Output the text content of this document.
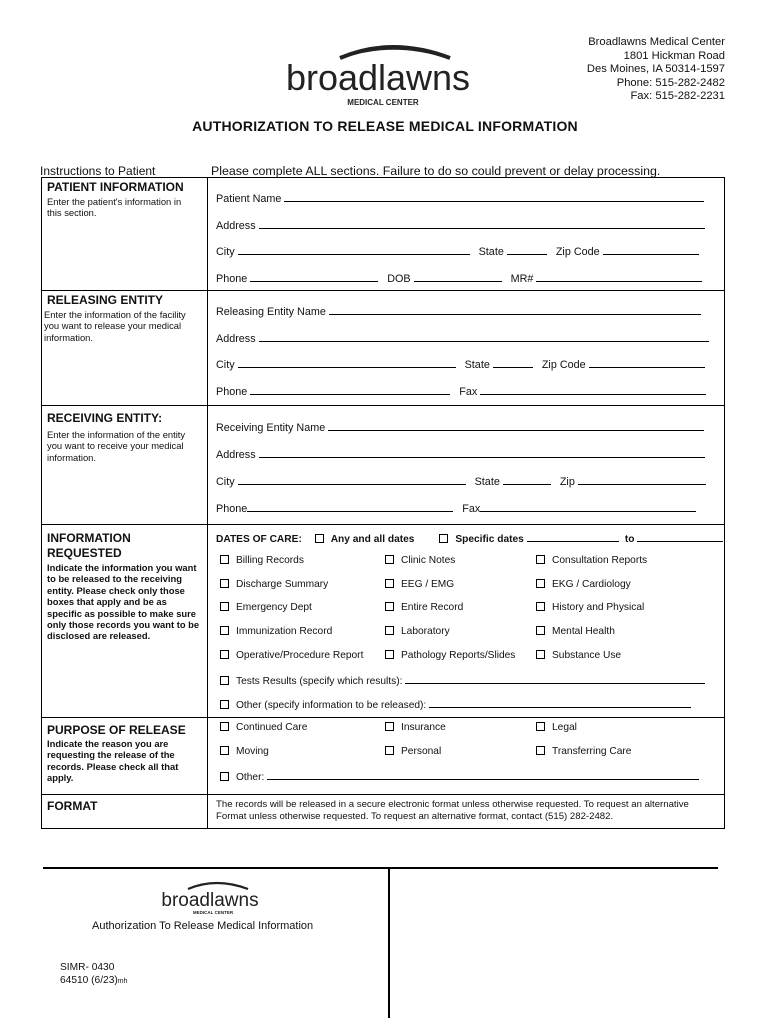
Broadlawns Medical Center
1801 Hickman Road
Des Moines, IA 50314-1597
Phone: 515-282-2482
Fax: 515-282-2231
broadlawns
MEDICAL CENTER
AUTHORIZATION TO RELEASE MEDICAL INFORMATION
Instructions to Patient	Please complete ALL sections. Failure to do so could prevent or delay processing.
PATIENT INFORMATION
Enter the patient's information in this section.
Patient Name
Address
City	State	Zip Code
Phone	DOB	MR#
RELEASING ENTITY
Enter the information of the facility you want to release your medical information.
Releasing Entity Name
Address
City	State	Zip Code
Phone	Fax
RECEIVING ENTITY:
Enter the information of the entity you want to receive your medical information.
Receiving Entity Name
Address
City	State	Zip
Phone	Fax
INFORMATION REQUESTED
Indicate the information you want to be released to the receiving entity. Please check only those boxes that apply and be as specific as possible to make sure only those records you want to be disclosed are released.
DATES OF CARE:	Any and all dates	Specific dates	to
Billing Records	Clinic Notes	Consultation Reports
Discharge Summary	EEG / EMG	EKG / Cardiology
Emergency Dept	Entire Record	History and Physical
Immunization Record	Laboratory	Mental Health
Operative/Procedure Report	Pathology Reports/Slides	Substance Use
Tests Results (specify which results):
Other (specify information to be released):
PURPOSE OF RELEASE
Indicate the reason you are requesting the release of the records. Please check all that apply.
Continued Care	Insurance	Legal
Moving	Personal	Transferring Care
Other:
FORMAT	The records will be released in a secure electronic format unless otherwise requested. To request an alternative Format unless otherwise requested. To request an alternative format, contact (515) 282-2482.
broadlawns
MEDICAL CENTER
Authorization To Release Medical Information
SIMR- 0430
64510 (6/23)mh
